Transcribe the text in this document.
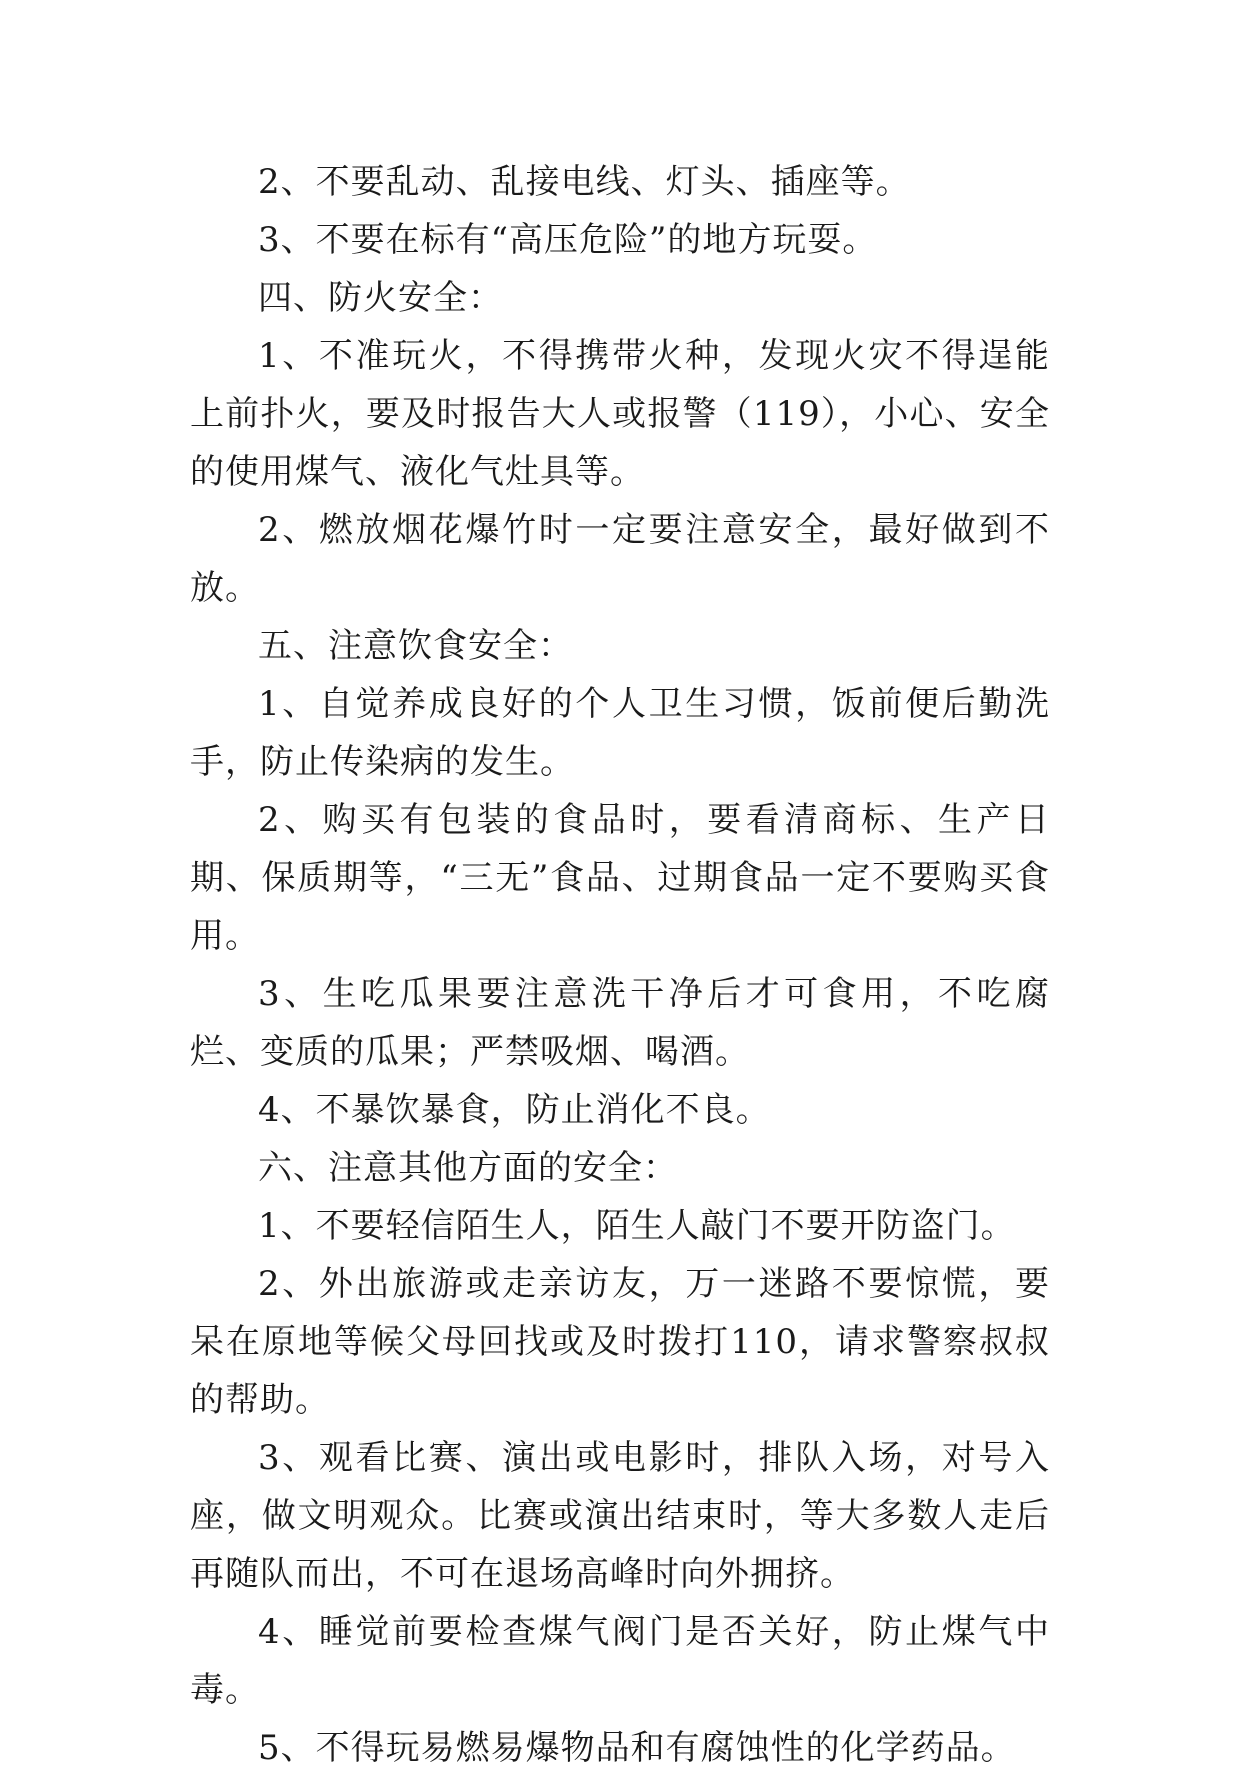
2、不要乱动、乱接电线、灯头、插座等。

3、不要在标有“高压危险”的地方玩耍。

四、防火安全：

1、不准玩火，不得携带火种，发现火灾不得逞能上前扑火，要及时报告大人或报警（119），小心、安全的使用煤气、液化气灶具等。

2、燃放烟花爆竹时一定要注意安全，最好做到不放。

五、注意饮食安全：

1、自觉养成良好的个人卫生习惯，饭前便后勤洗手，防止传染病的发生。

2、购买有包装的食品时，要看清商标、生产日期、保质期等，“三无”食品、过期食品一定不要购买食用。

3、生吃瓜果要注意洗干净后才可食用，不吃腐烂、变质的瓜果；严禁吸烟、喝酒。

4、不暴饮暴食，防止消化不良。

六、注意其他方面的安全：

1、不要轻信陌生人，陌生人敲门不要开防盗门。

2、外出旅游或走亲访友，万一迷路不要惊慌，要呆在原地等候父母回找或及时拨打110，请求警察叔叔的帮助。

3、观看比赛、演出或电影时，排队入场，对号入座，做文明观众。比赛或演出结束时，等大多数人走后再随队而出，不可在退场高峰时向外拥挤。

4、睡觉前要检查煤气阀门是否关好，防止煤气中毒。

5、不得玩易燃易爆物品和有腐蚀性的化学药品。
